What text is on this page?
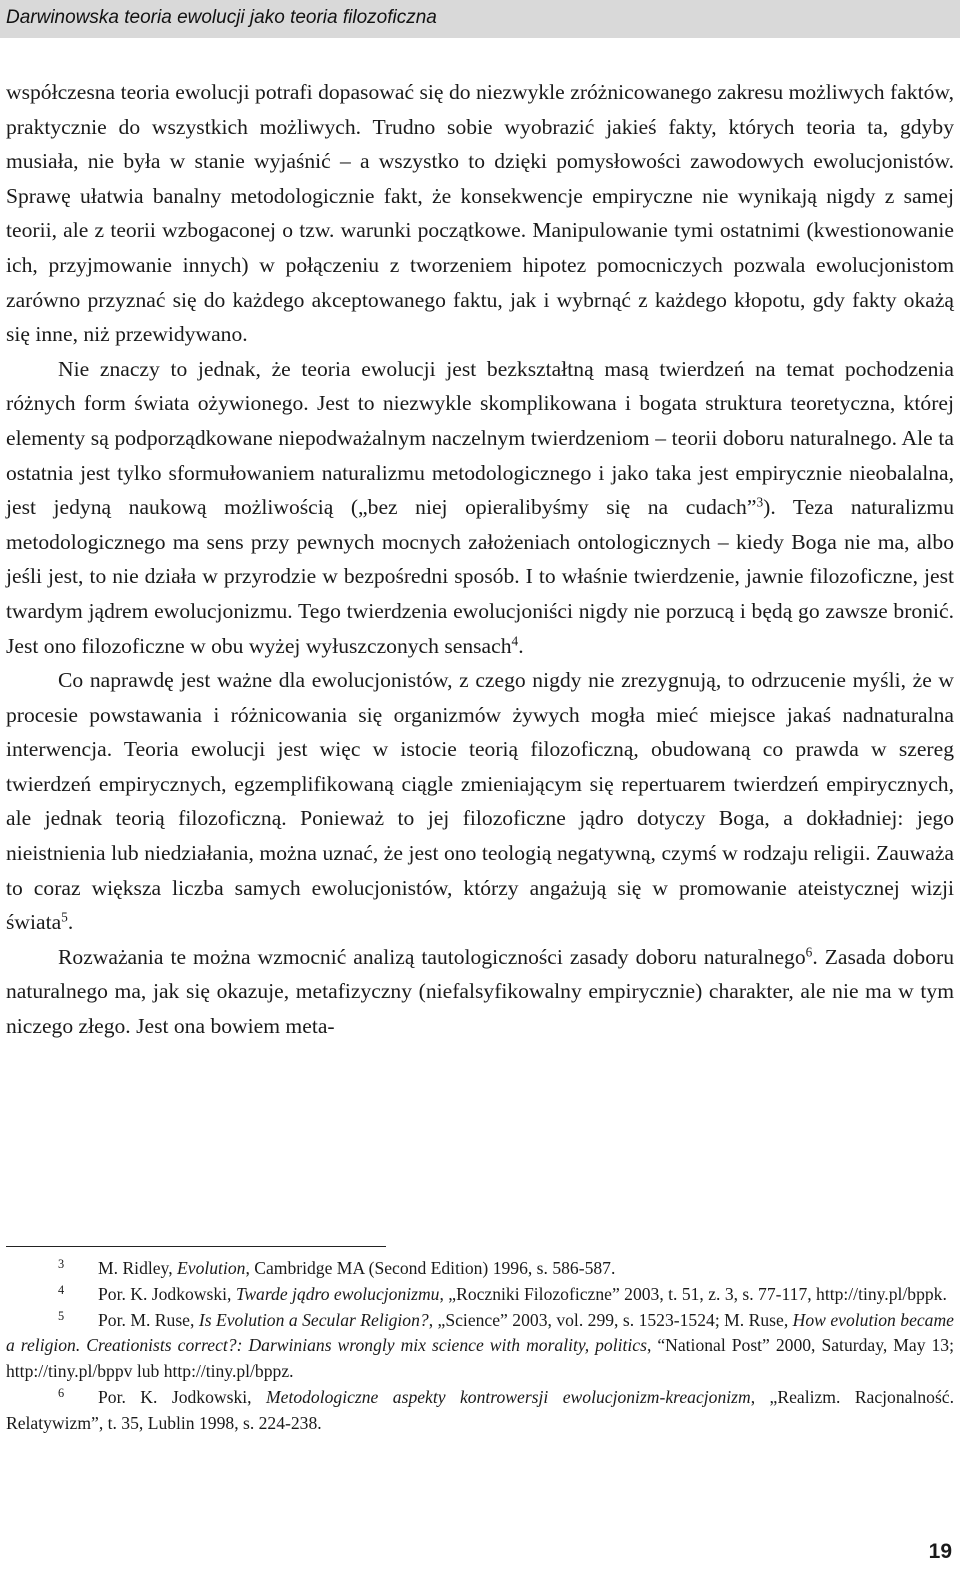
Darwinowska teoria ewolucji jako teoria filozoficzna

współczesna teoria ewolucji potrafi dopasować się do niezwykle zróżnicowanego zakresu możliwych faktów, praktycznie do wszystkich możliwych. Trudno sobie wyobrazić jakieś fakty, których teoria ta, gdyby musiała, nie była w stanie wyjaśnić – a wszystko to dzięki pomysłowości zawodowych ewolucjonistów. Sprawę ułatwia banalny metodologicznie fakt, że konsekwencje empiryczne nie wynikają nigdy z samej teorii, ale z teorii wzbogaconej o tzw. warunki początkowe. Manipulowanie tymi ostatnimi (kwestionowanie ich, przyjmowanie innych) w połączeniu z tworzeniem hipotez pomocniczych pozwala ewolucjonistom zarówno przyznać się do każdego akceptowanego faktu, jak i wybrnąć z każdego kłopotu, gdy fakty okażą się inne, niż przewidywano.

Nie znaczy to jednak, że teoria ewolucji jest bezkształtną masą twierdzeń na temat pochodzenia różnych form świata ożywionego. Jest to niezwykle skomplikowana i bogata struktura teoretyczna, której elementy są podporządkowane niepodważalnym naczelnym twierdzeniom – teorii doboru naturalnego. Ale ta ostatnia jest tylko sformułowaniem naturalizmu metodologicznego i jako taka jest empirycznie nieobalalna, jest jedyną naukową możliwością („bez niej opieralibyśmy się na cudach”$^3$). Teza naturalizmu metodologicznego ma sens przy pewnych mocnych założeniach ontologicznych – kiedy Boga nie ma, albo jeśli jest, to nie działa w przyrodzie w bezpośredni sposób. I to właśnie twierdzenie, jawnie filozoficzne, jest twardym jądrem ewolucjonizmu. Tego twierdzenia ewolucjoniści nigdy nie porzucą i będą go zawsze bronić. Jest ono filozoficzne w obu wyżej wyłuszczonych sensach$^4$.

Co naprawdę jest ważne dla ewolucjonistów, z czego nigdy nie zrezygnują, to odrzucenie myśli, że w procesie powstawania i różnicowania się organizmów żywych mogła mieć miejsce jakaś nadnaturalna interwencja. Teoria ewolucji jest więc w istocie teorią filozoficzną, obudowaną co prawda w szereg twierdzeń empirycznych, egzemplifikowaną ciągle zmieniającym się repertuarem twierdzeń empirycznych, ale jednak teorią filozoficzną. Ponieważ to jej filozoficzne jądro dotyczy Boga, a dokładniej: jego nieistnienia lub niedziałania, można uznać, że jest ono teologią negatywną, czymś w rodzaju religii. Zauważa to coraz większa liczba samych ewolucjonistów, którzy angażują się w promowanie ateistycznej wizji świata$^5$.

Rozważania te można wzmocnić analizą tautologiczności zasady doboru naturalnego$^6$. Zasada doboru naturalnego ma, jak się okazuje, metafizyczny (niefalsyfikowalny empirycznie) charakter, ale nie ma w tym niczego złego. Jest ona bowiem meta-

3 M. Ridley, Evolution, Cambridge MA (Second Edition) 1996, s. 586-587.

4 Por. K. Jodkowski, Twarde jądro ewolucjonizmu, „Roczniki Filozoficzne” 2003, t. 51, z. 3, s. 77-117, http://tiny.pl/bppk.

5 Por. M. Ruse, Is Evolution a Secular Religion?, „Science” 2003, vol. 299, s. 1523-1524; M. Ruse, How evolution became a religion. Creationists correct?: Darwinians wrongly mix science with morality, politics, “National Post” 2000, Saturday, May 13; http://tiny.pl/bppv lub http://tiny.pl/bppz.

6 Por. K. Jodkowski, Metodologiczne aspekty kontrowersji ewolucjonizm-kreacjonizm, „Realizm. Racjonalność. Relatywizm”, t. 35, Lublin 1998, s. 224-238.

19
